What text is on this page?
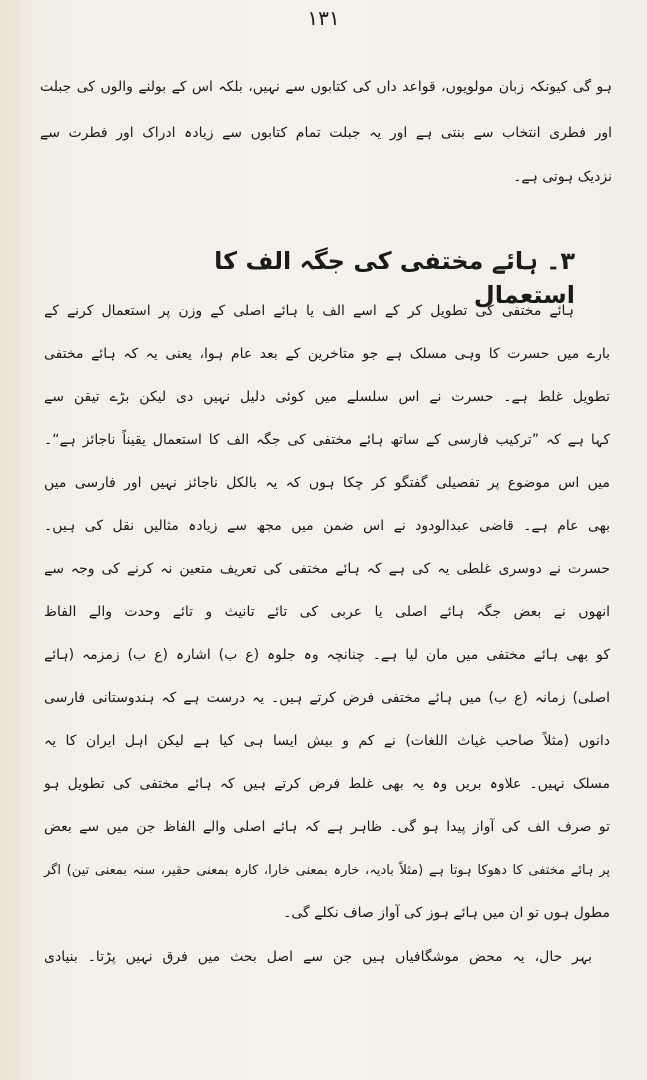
۱۳۱
ہو گی کیونکہ زبان مولویوں، قواعد داں کی کتابوں سے نہیں، بلکہ اس کے بولنے والوں کی جبلت
اور فطری انتخاب سے بنتی ہے اور یہ جبلت تمام کتابوں سے زیادہ ادراک اور فطرت سے
نزدیک ہوتی ہے۔
۳۔ ہائے مختفی کی جگہ الف کا استعمال
ہائے مختفی کی تطویل کر کے اسے الف یا ہائے اصلی کے وزن پر استعمال کرنے کے
بارے میں حسرت کا وہی مسلک ہے جو متاخرین کے بعد عام ہوا، یعنی یہ کہ ہائے مختفی
تطویل غلط ہے۔ حسرت نے اس سلسلے میں کوئی دلیل نہیں دی لیکن بڑے تیقن سے
کہا ہے کہ ”ترکیب فارسی کے ساتھ ہائے مختفی کی جگہ الف کا استعمال یقیناً ناجائز ہے“۔
میں اس موضوع پر تفصیلی گفتگو کر چکا ہوں کہ یہ بالکل ناجائز نہیں اور فارسی میں
بھی عام ہے۔ قاضی عبدالودود نے اس ضمن میں مجھ سے زیادہ مثالیں نقل کی ہیں۔
حسرت نے دوسری غلطی یہ کی ہے کہ ہائے مختفی کی تعریف متعین نہ کرنے کی وجہ سے
انھوں نے بعض جگہ ہائے اصلی یا عربی کی تائے تانیث و تائے وحدت والے الفاظ
کو بھی ہائے مختفی میں مان لیا ہے۔ چنانچہ وہ جلوہ (ع ب) اشارہ (ع ب) زمزمہ (ہائے
اصلی) زمانہ (ع ب) میں ہائے مختفی فرض کرتے ہیں۔ یہ درست ہے کہ ہندوستانی فارسی
دانوں (مثلاً صاحب غیاث اللغات) نے کم و بیش ایسا ہی کیا ہے لیکن اہل ایران کا یہ
مسلک نہیں۔ علاوہ بریں وہ یہ بھی غلط فرض کرتے ہیں کہ ہائے مختفی کی تطویل ہو
تو صرف الف کی آواز پیدا ہو گی۔ ظاہر ہے کہ ہائے اصلی والے الفاظ جن میں سے بعض
پر ہائے مختفی کا دھوکا ہوتا ہے (مثلاً بادیہ، خارہ بمعنی خارا، کارہ بمعنی حقیر، سنہ بمعنی تین) اگر
مطول ہوں تو ان میں ہائے ہوز کی آواز صاف نکلے گی۔
بہر حال، یہ محض موشگافیاں ہیں جن سے اصل بحث میں فرق نہیں پڑتا۔ بنیادی
